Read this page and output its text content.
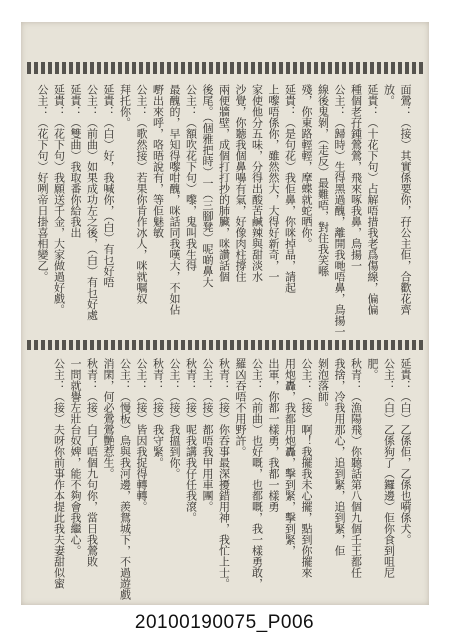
面鶯：（接）其實係要你，孖公主佢，合歡花齊
放。
延貴：（十花下句）占解唔措我老爲傷線，偏偏
種個老孖鍾鶯鶯，飛來啄我鼻，鳥揚一
公主：（歸時）生得黑過醜，離開我哋唔鼻，鳥揚一
線後鬼剝，（走反）最難唔，對住我笑喺
殘，你東路輕輕，摩蝶就蛇晒你。
延貴：（是句花）我佢鼻，你咪掉晶，請起
上嚟唔係你，雖然然大，大得好新奇，一
家使他分五味，分得出酸苦鹹辣與甜淡水
沙覺，你聽我個鼻嚊有氣，好像肉柱撐住
兩便牆壁，成個打打抄的肺臟，咪讚話個
後尾。（個雅把時）一（三腳凳）呢啲鼻大
公主：（額吹花下句）嚟，鬼叫我生得
最醜的，早知得嚟咁醜，咪話同我嘆大，不如佔
嘢出來呼，咯晤說有，等佢魅敏
公主：（歌然接）若果你肯作冰人，咪就嘱奴
拜托你。
延貴：（白）好，我喊你，（白）有乜好唔
公主：（前曲）如果成功左之後，（白）有乜好處
延貴：（雙曲）我取番你給我出
延貴：（花下句）我願送千金，大家做過好戲。
公主：（花下句）好咧帝日掛喜相變乙。
延貴：（白）乙係佢，乙係也嗬係犬。
公主：（白）乙係狗了（鑼邊）佢你食到咀尼
肥。
秋青：（漁陽飛）你聽話第八個九個壬王都任
我捨，冷我用那心，追到緊，追到緊，佢
剝泡落師。
公主：（接）啊！我擺我未心擺，點到你擺來
用炮轟，我都用炮轟，擊到緊，擊到緊，
出軍，你都一樣勇，我都一樣勇
公主：（前曲）也好嘅，也都嘅，我一樣勇敢，
羅凶吞唔不用野許。
秋青：（接）你吞事最深擾錯用神，我忙上士。
公主：（接）都唔我甲用車團。
秋青：（接）呢我講我仔任我滾。
公主：（接）我搵到你。
秋青：（接）我守緊。
公主：（接）皆因我捉得轉轉。
公主：（慢板）鳥與我河邊，羨鴛城下，不過遊戲
消閑，何必鶯鶯艷惹生。
秋青：（接）白了唔個九句你，當日我鶯敗
一問就譽左壯台奴婢，能不夠會我繼心。
公主：（接）夫呀你前事作本提此我夫妻甜似蜜
20100190075_P006
